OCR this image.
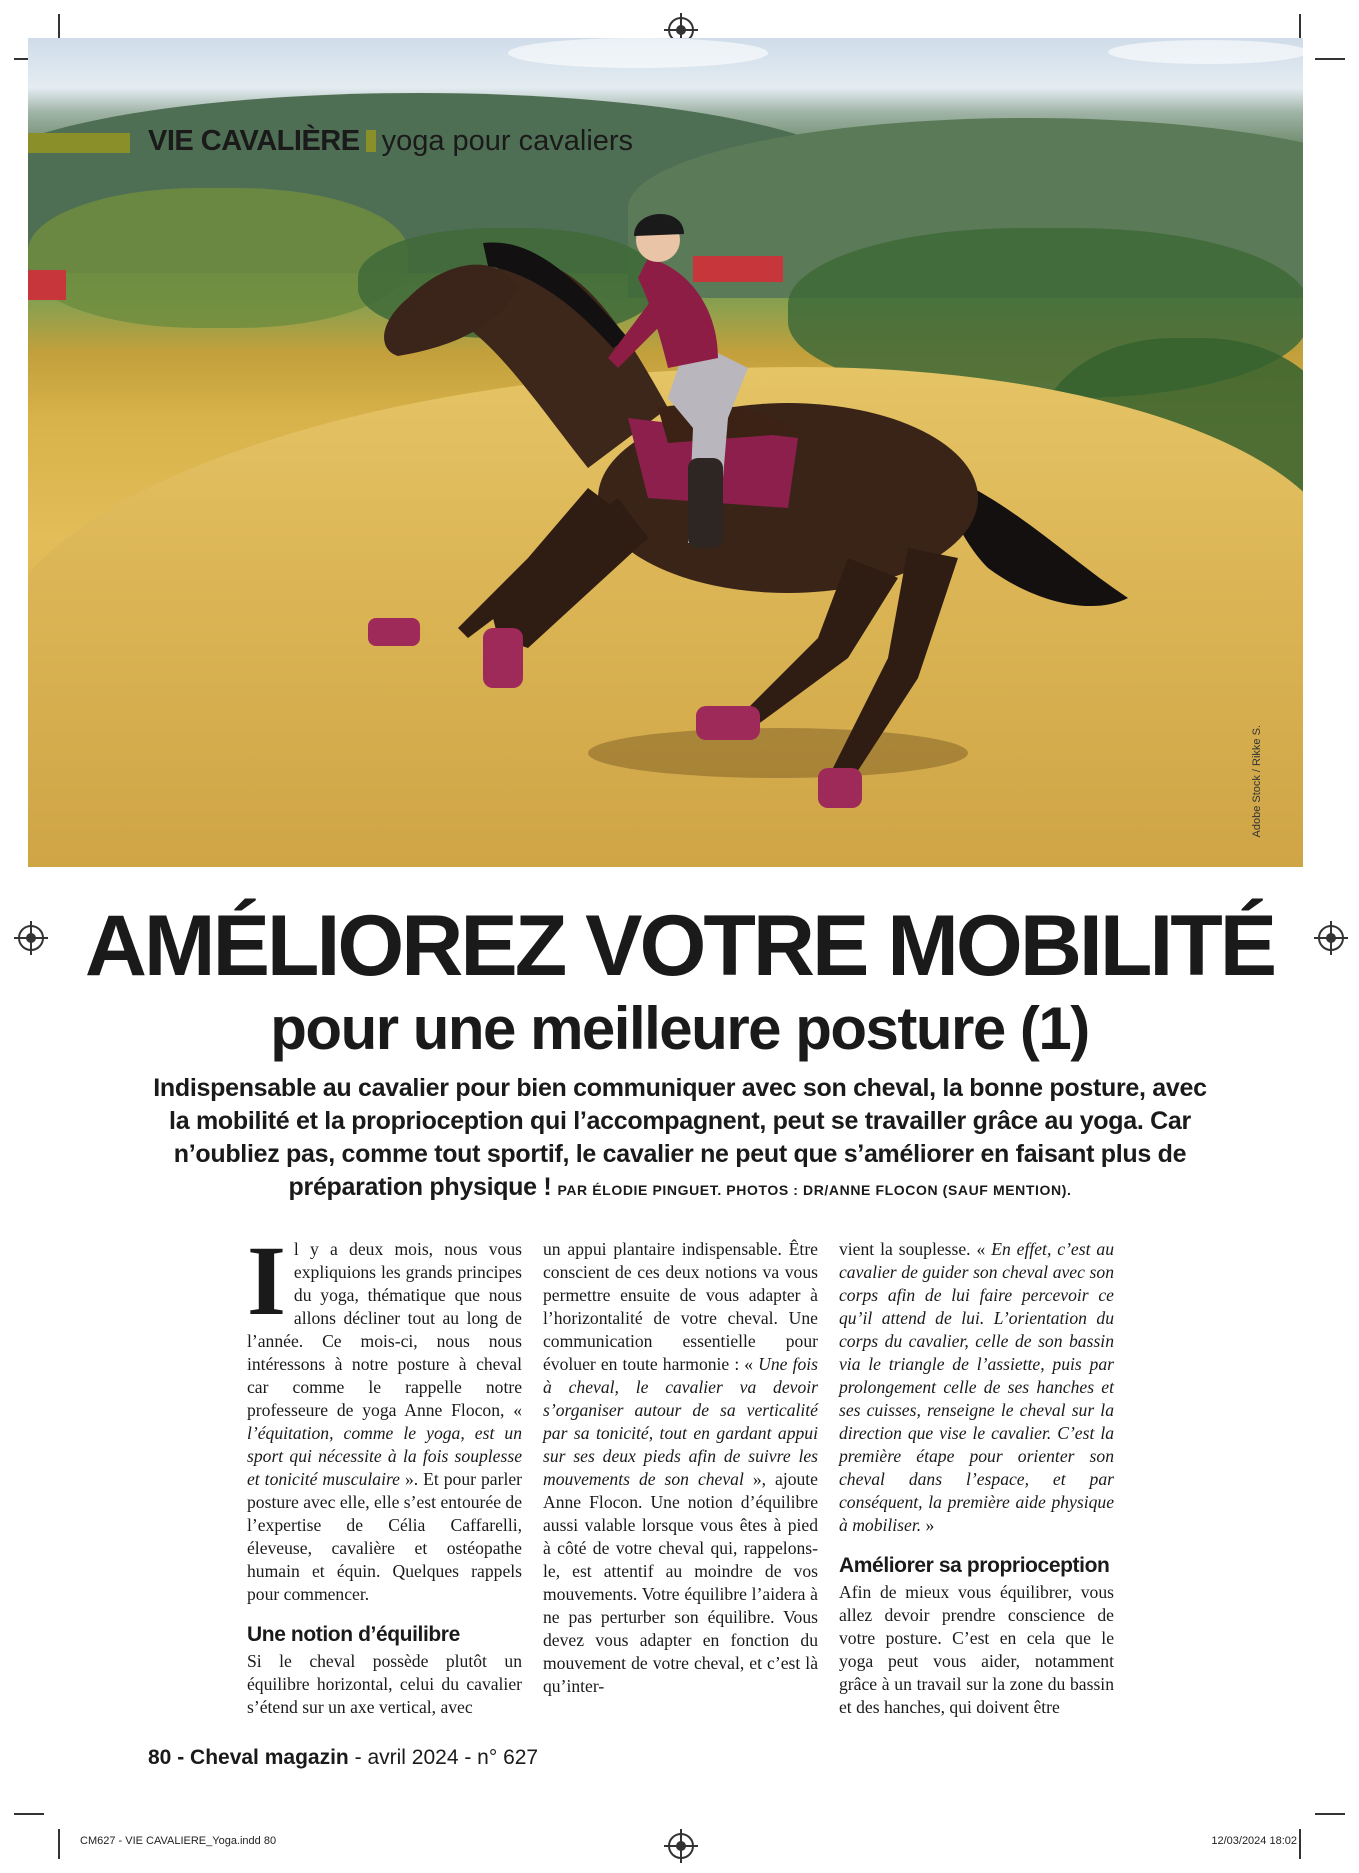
Adobe Stock / Rikke S.
VIE CAVALIÈRE yoga pour cavaliers
AMÉLIOREZ VOTRE MOBILITÉ
pour une meilleure posture (1)

Indispensable au cavalier pour bien communiquer avec son cheval, la bonne posture, avec la mobilité et la proprioception qui l’accompagnent, peut se travailler grâce au yoga. Car n’oubliez pas, comme tout sportif, le cavalier ne peut que s’améliorer en faisant plus de préparation physique ! PAR ÉLODIE PINGUET. PHOTOS : DR/ANNE FLOCON (SAUF MENTION).

Il y a deux mois, nous vous expliquions les grands principes du yoga, thématique que nous allons décliner tout au long de l’année. Ce mois-ci, nous nous intéressons à notre posture à cheval car comme le rappelle notre professeure de yoga Anne Flocon, « l’équitation, comme le yoga, est un sport qui nécessite à la fois souplesse et tonicité musculaire ». Et pour parler posture avec elle, elle s’est entourée de l’expertise de Célia Caffarelli, éleveuse, cavalière et ostéopathe humain et équin. Quelques rappels pour commencer.

Une notion d’équilibre

Si le cheval possède plutôt un équilibre horizontal, celui du cavalier s’étend sur un axe vertical, avec

un appui plantaire indispensable. Être conscient de ces deux notions va vous permettre ensuite de vous adapter à l’horizontalité de votre cheval. Une communication essentielle pour évoluer en toute harmonie : « Une fois à cheval, le cavalier va devoir s’organiser autour de sa verticalité par sa tonicité, tout en gardant appui sur ses deux pieds afin de suivre les mouvements de son cheval », ajoute Anne Flocon. Une notion d’équilibre aussi valable lorsque vous êtes à pied à côté de votre cheval qui, rappelons-le, est attentif au moindre de vos mouvements. Votre équilibre l’aidera à ne pas perturber son équilibre. Vous devez vous adapter en fonction du mouvement de votre cheval, et c’est là qu’inter-

vient la souplesse. « En effet, c’est au cavalier de guider son cheval avec son corps afin de lui faire percevoir ce qu’il attend de lui. L’orientation du corps du cavalier, celle de son bassin via le triangle de l’assiette, puis par prolongement celle de ses hanches et ses cuisses, renseigne le cheval sur la direction que vise le cavalier. C’est la première étape pour orienter son cheval dans l’espace, et par conséquent, la première aide physique à mobiliser. »

Améliorer sa proprioception

Afin de mieux vous équilibrer, vous allez devoir prendre conscience de votre posture. C’est en cela que le yoga peut vous aider, notamment grâce à un travail sur la zone du bassin et des hanches, qui doivent être

80 - Cheval magazin - avril 2024 - n° 627
CM627 - VIE CAVALIERE_Yoga.indd 80	12/03/2024 18:02
